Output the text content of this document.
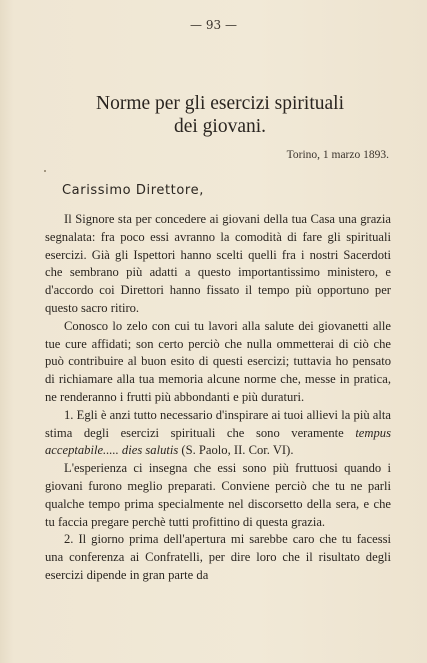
— 93 —
Norme per gli esercizi spirituali
dei giovani.
Torino, 1 marzo 1893.
Carissimo Direttore,

Il Signore sta per concedere ai giovani della tua Casa una grazia segnalata: fra poco essi avranno la comodità di fare gli spirituali esercizi. Già gli Ispettori hanno scelti quelli fra i nostri Sacerdoti che sembrano più adatti a questo importantissimo ministero, e d'accordo coi Direttori hanno fissato il tempo più opportuno per questo sacro ritiro.

Conosco lo zelo con cui tu lavori alla salute dei giovanetti alle tue cure affidati; son certo perciò che nulla ommetterai di ciò che può contribuire al buon esito di questi esercizi; tuttavia ho pensato di richiamare alla tua memoria alcune norme che, messe in pratica, ne renderanno i frutti più abbondanti e più duraturi.

1. Egli è anzi tutto necessario d'inspirare ai tuoi allievi la più alta stima degli esercizi spirituali che sono veramente tempus acceptabile..... dies salutis (S. Paolo, II. Cor. VI).

L'esperienza ci insegna che essi sono più fruttuosi quando i giovani furono meglio preparati. Conviene perciò che tu ne parli qualche tempo prima specialmente nel discorsetto della sera, e che tu faccia pregare perchè tutti profittino di questa grazia.

2. Il giorno prima dell'apertura mi sarebbe caro che tu facessi una conferenza ai Confratelli, per dire loro che il risultato degli esercizi dipende in gran parte da
